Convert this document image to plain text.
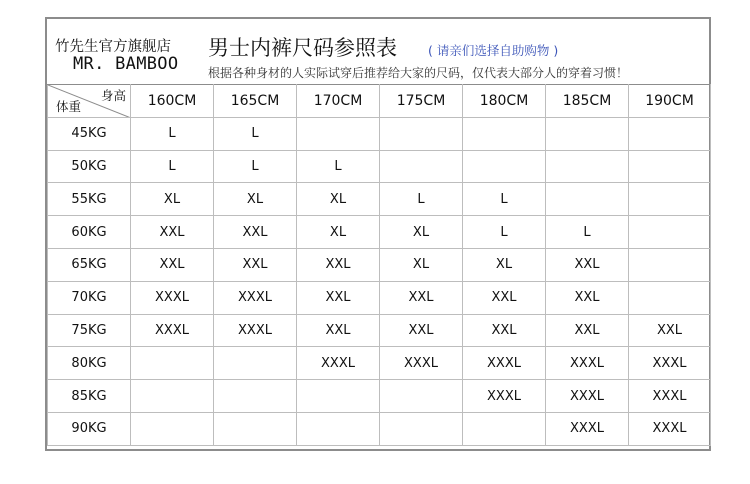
竹先生官方旗舰店
MR. BAMBOO
男士内裤尺码参照表 ( 请亲们选择自助购物 )
根据各种身材的人实际试穿后推荐给大家的尺码，仅代表大部分人的穿着习惯！
身高
体重	160CM	165CM	170CM	175CM	180CM	185CM	190CM
45KG	L	L					
50KG	L	L	L				
55KG	XL	XL	XL	L	L		
60KG	XXL	XXL	XL	XL	L	L	
65KG	XXL	XXL	XXL	XL	XL	XXL	
70KG	XXXL	XXXL	XXL	XXL	XXL	XXL	
75KG	XXXL	XXXL	XXL	XXL	XXL	XXL	XXL
80KG			XXXL	XXXL	XXXL	XXXL	XXXL
85KG					XXXL	XXXL	XXXL
90KG						XXXL	XXXL
